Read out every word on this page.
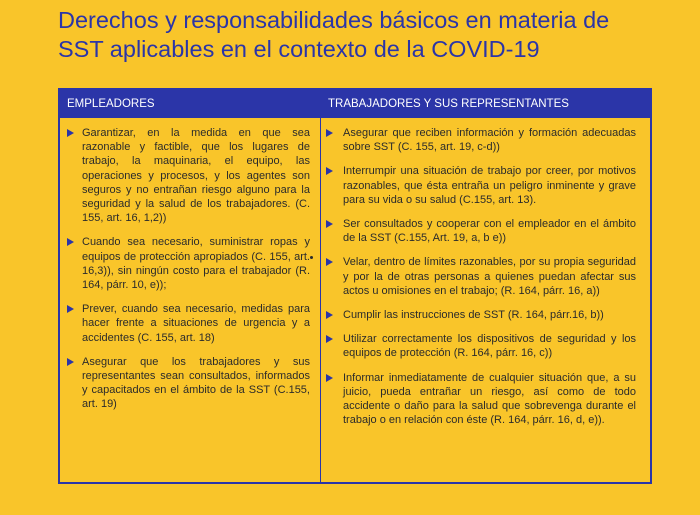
Derechos y responsabilidades básicos en materia de
SST aplicables en el contexto de la COVID-19
EMPLEADORES	TRABAJADORES Y SUS REPRESENTANTES
Garantizar, en la medida en que sea razonable y factible, que los lugares de trabajo, la maquinaria, el equipo, las operaciones y procesos, y los agentes son seguros y no entrañan riesgo alguno para la seguridad y la salud de los trabajadores. (C. 155, art. 16, 1,2))
Cuando sea necesario, suministrar ropas y equipos de protección apropiados (C. 155, art. 16,3)), sin ningún costo para el trabajador (R. 164, párr. 10, e));
Prever, cuando sea necesario, medidas para hacer frente a situaciones de urgencia y a accidentes (C. 155, art. 18)
Asegurar que los trabajadores y sus representantes sean consultados, informados y capacitados en el ámbito de la SST (C.155, art. 19)
Asegurar que reciben información y formación adecuadas sobre SST (C. 155, art. 19, c-d))
Interrumpir una situación de trabajo por creer, por motivos razonables, que ésta entraña un peligro inminente y grave para su vida o su salud (C.155, art. 13).
Ser consultados y cooperar con el empleador en el ámbito de la SST (C.155, Art. 19, a, b e))
Velar, dentro de límites razonables, por su propia seguridad y por la de otras personas a quienes puedan afectar sus actos u omisiones en el trabajo; (R. 164, párr. 16, a))
Cumplir las instrucciones de SST (R. 164, párr.16, b))
Utilizar correctamente los dispositivos de seguridad y los equipos de protección (R. 164, párr. 16, c))
Informar inmediatamente de cualquier situación que, a su juicio, pueda entrañar un riesgo, así como de todo accidente o daño para la salud que sobrevenga durante el trabajo o en relación con éste (R. 164, párr. 16, d, e)).
